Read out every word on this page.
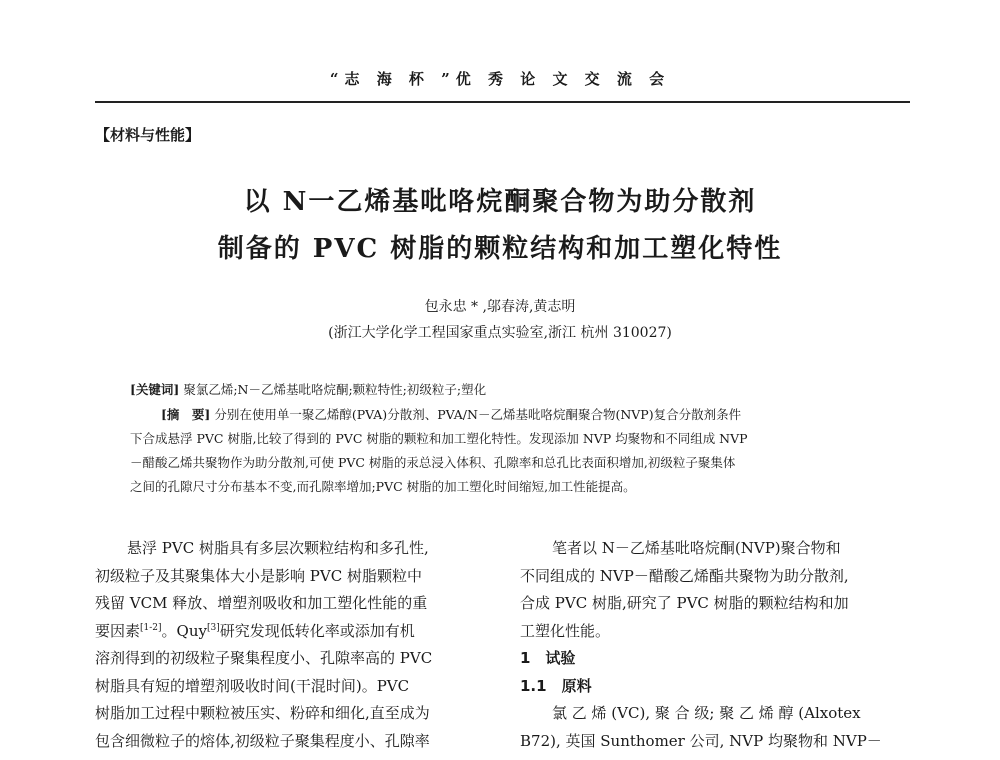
“志 海 杯 ”优 秀 论 文 交 流 会
【材料与性能】
以 N一乙烯基吡咯烷酮聚合物为助分散剂
制备的 PVC 树脂的颗粒结构和加工塑化特性
包永忠 * ,邬春涛,黄志明
(浙江大学化学工程国家重点实验室,浙江 杭州 310027)
[关键词] 聚氯乙烯;N－乙烯基吡咯烷酮;颗粒特性;初级粒子;塑化
[摘　要] 分别在使用单一聚乙烯醇(PVA)分散剂、PVA/N－乙烯基吡咯烷酮聚合物(NVP)复合分散剂条件
下合成悬浮 PVC 树脂,比较了得到的 PVC 树脂的颗粒和加工塑化特性。发现添加 NVP 均聚物和不同组成 NVP
－醋酸乙烯共聚物作为助分散剂,可使 PVC 树脂的汞总浸入体积、孔隙率和总孔比表面积增加,初级粒子聚集体
之间的孔隙尺寸分布基本不变,而孔隙率增加;PVC 树脂的加工塑化时间缩短,加工性能提高。
悬浮 PVC 树脂具有多层次颗粒结构和多孔性,
初级粒子及其聚集体大小是影响 PVC 树脂颗粒中
残留 VCM 释放、增塑剂吸收和加工塑化性能的重
要因素[1-2]。Quy[3]研究发现低转化率或添加有机
溶剂得到的初级粒子聚集程度小、孔隙率高的 PVC
树脂具有短的增塑剂吸收时间(干混时间)。PVC
树脂加工过程中颗粒被压实、粉碎和细化,直至成为
包含细微粒子的熔体,初级粒子聚集程度小、孔隙率
笔者以 N－乙烯基吡咯烷酮(NVP)聚合物和
不同组成的 NVP－醋酸乙烯酯共聚物为助分散剂,
合成 PVC 树脂,研究了 PVC 树脂的颗粒结构和加
工塑化性能。
1　试验
1.1　原料
氯 乙 烯 (VC), 聚 合 级; 聚 乙 烯 醇 (Alxotex
B72), 英国 Sunthomer 公司, NVP 均聚物和 NVP－
